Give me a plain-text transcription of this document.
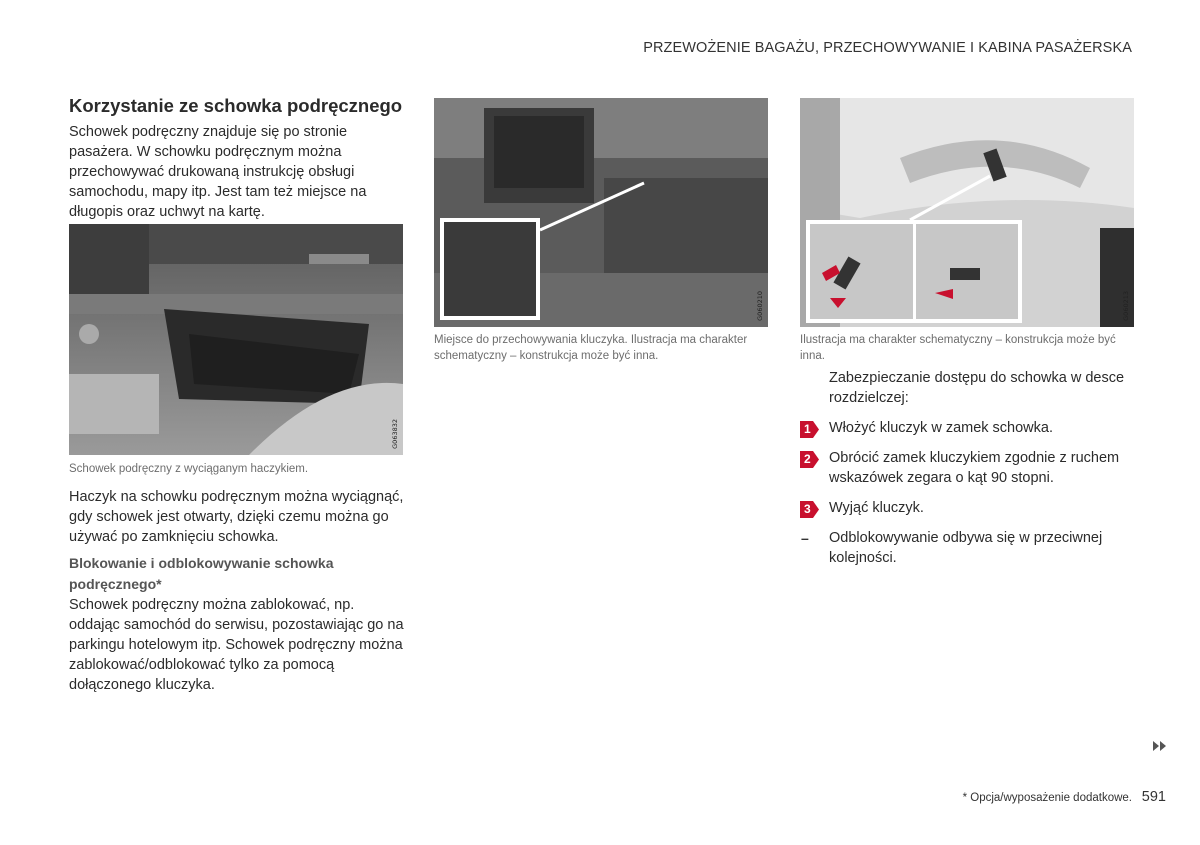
PRZEWOŻENIE BAGAŻU, PRZECHOWYWANIE I KABINA PASAŻERSKA
Korzystanie ze schowka podręcznego

Schowek podręczny znajduje się po stronie pasażera. W schowku podręcznym można przechowywać drukowaną instrukcję obsługi samochodu, mapy itp. Jest tam też miejsce na długopis oraz uchwyt na kartę.

G063832
Schowek podręczny z wyciąganym haczykiem.

Haczyk na schowku podręcznym można wyciągnąć, gdy schowek jest otwarty, dzięki czemu można go używać po zamknięciu schowka.

Blokowanie i odblokowywanie schowka podręcznego*

Schowek podręczny można zablokować, np. oddając samochód do serwisu, pozostawiając go na parkingu hotelowym itp. Schowek podręczny można zablokować/odblokować tylko za pomocą dołączonego kluczyka.

G060210
Miejsce do przechowywania kluczyka. Ilustracja ma charakter schematyczny – konstrukcja może być inna.
G060213
Ilustracja ma charakter schematyczny – konstrukcja może być inna.
Zabezpieczanie dostępu do schowka w desce rozdzielczej:
1 Włożyć kluczyk w zamek schowka.
2 Obrócić zamek kluczykiem zgodnie z ruchem wskazówek zegara o kąt 90 stopni.
3 Wyjąć kluczyk.
– Odblokowywanie odbywa się w przeciwnej kolejności.
* Opcja/wyposażenie dodatkowe. 591
